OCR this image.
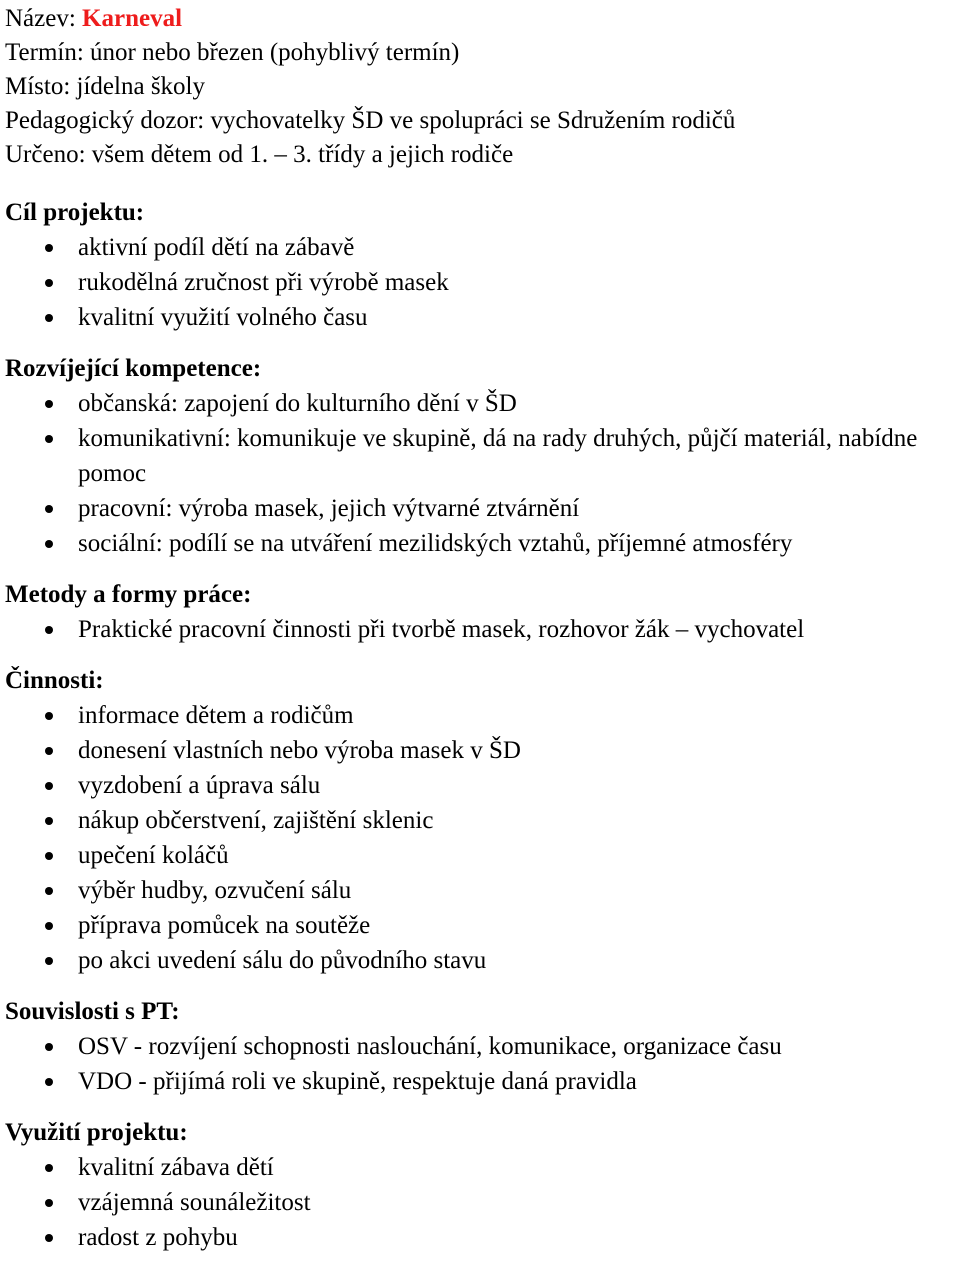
Název: Karneval
Termín: únor nebo březen (pohyblivý termín)
Místo: jídelna školy
Pedagogický dozor: vychovatelky ŠD ve spolupráci se Sdružením rodičů
Určeno: všem dětem od 1. – 3. třídy a jejich rodiče
Cíl projektu:
aktivní podíl dětí na zábavě
rukodělná zručnost při výrobě masek
kvalitní využití volného času
Rozvíjející kompetence:
občanská: zapojení do kulturního dění v ŠD
komunikativní: komunikuje ve skupině, dá na rady druhých, půjčí materiál, nabídne pomoc
pracovní: výroba masek, jejich výtvarné ztvárnění
sociální: podílí se na utváření mezilidských vztahů, příjemné atmosféry
Metody a formy práce:
Praktické pracovní činnosti při tvorbě masek, rozhovor žák – vychovatel
Činnosti:
informace dětem a rodičům
donesení vlastních nebo výroba masek v ŠD
vyzdobení a úprava sálu
nákup občerstvení, zajištění sklenic
upečení koláčů
výběr hudby, ozvučení sálu
příprava pomůcek na soutěže
po akci uvedení sálu do původního stavu
Souvislosti s PT:
OSV - rozvíjení schopnosti naslouchání, komunikace, organizace času
VDO - přijímá roli ve skupině, respektuje daná pravidla
Využití projektu:
kvalitní zábava dětí
vzájemná sounáležitost
radost z pohybu
